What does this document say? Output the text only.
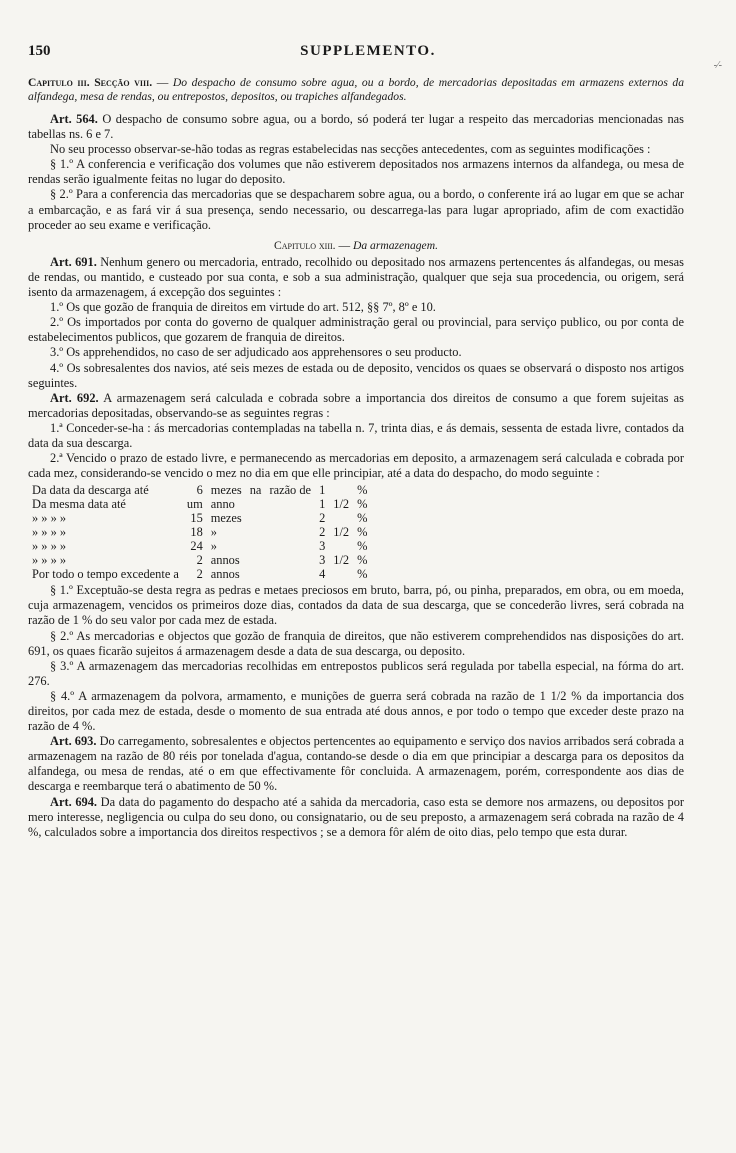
150	SUPPLEMENTO.
-⁄-

Capitulo iii. Secção viii. — Do despacho de consumo sobre agua, ou a bordo, de mercadorias depositadas em armazens externos da alfandega, mesa de rendas, ou entrepostos, depositos, ou trapiches alfandegados.

Art. 564. O despacho de consumo sobre agua, ou a bordo, só poderá ter lugar a respeito das mercadorias mencionadas nas tabellas ns. 6 e 7.

No seu processo observar-se-hão todas as regras estabelecidas nas secções antecedentes, com as seguintes modificações :

§ 1.º A conferencia e verificação dos volumes que não estiverem depositados nos armazens internos da alfandega, ou mesa de rendas serão igualmente feitas no lugar do deposito.

§ 2.º Para a conferencia das mercadorias que se despacharem sobre agua, ou a bordo, o conferente irá ao lugar em que se achar a embarcação, e as fará vir á sua presença, sendo necessario, ou descarrega-las para lugar apropriado, afim de com exactidão proceder ao seu exame e verificação.

Capitulo xiii. — Da armazenagem.

Art. 691. Nenhum genero ou mercadoria, entrado, recolhido ou depositado nos armazens pertencentes ás alfandegas, ou mesas de rendas, ou mantido, e custeado por sua conta, e sob a sua administração, qualquer que seja sua procedencia, ou origem, será isento da armazenagem, á excepção dos seguintes :

1.º Os que gozão de franquia de direitos em virtude do art. 512, §§ 7º, 8º e 10.

2.º Os importados por conta do governo de qualquer administração geral ou provincial, para serviço publico, ou por conta de estabelecimentos publicos, que gozarem de franquia de direitos.

3.º Os apprehendidos, no caso de ser adjudicado aos apprehensores o seu producto.

4.º Os sobresalentes dos navios, até seis mezes de estada ou de deposito, vencidos os quaes se observará o disposto nos artigos seguintes.

Art. 692. A armazenagem será calculada e cobrada sobre a importancia dos direitos de consumo a que forem sujeitas as mercadorias depositadas, observando-se as seguintes regras :

1.ª Conceder-se-ha : ás mercadorias contempladas na tabella n. 7, trinta dias, e ás demais, sessenta de estada livre, contados da data da sua descarga.

2.ª Vencido o prazo de estado livre, e permanecendo as mercadorias em deposito, a armazenagem será calculada e cobrada por cada mez, considerando-se vencido o mez no dia em que elle principiar, até a data do despacho, do modo seguinte :

Da data da descarga até	6	mezes	na	razão de	1		%
Da mesma data até	um	anno			1	1/2	%
» » » »	15	mezes			2		%
» » » »	18	»			2	1/2	%
» » » »	24	»			3		%
» » » »	2	annos			3	1/2	%
Por todo o tempo excedente a	2	annos			4		%

§ 1.º Exceptuão-se desta regra as pedras e metaes preciosos em bruto, barra, pó, ou pinha, preparados, em obra, ou em moeda, cuja armazenagem, vencidos os primeiros doze dias, contados da data de sua descarga, que se concederão livres, será cobrada na razão de 1 % do seu valor por cada mez de estada.

§ 2.º As mercadorias e objectos que gozão de franquia de direitos, que não estiverem comprehendidos nas disposições do art. 691, os quaes ficarão sujeitos á armazenagem desde a data de sua descarga, ou deposito.

§ 3.º A armazenagem das mercadorias recolhidas em entrepostos publicos será regulada por tabella especial, na fórma do art. 276.

§ 4.º A armazenagem da polvora, armamento, e munições de guerra será cobrada na razão de 1 1/2 % da importancia dos direitos, por cada mez de estada, desde o momento de sua entrada até dous annos, e por todo o tempo que exceder deste prazo na razão de 4 %.

Art. 693. Do carregamento, sobresalentes e objectos pertencentes ao equipamento e serviço dos navios arribados será cobrada a armazenagem na razão de 80 réis por tonelada d'agua, contando-se desde o dia em que principiar a descarga para os depositos da alfandega, ou mesa de rendas, até o em que effectivamente fôr concluida. A armazenagem, porém, correspondente aos dias de descarga e reembarque terá o abatimento de 50 %.

Art. 694. Da data do pagamento do despacho até a sahida da mercadoria, caso esta se demore nos armazens, ou depositos por mero interesse, negligencia ou culpa do seu dono, ou consignatario, ou de seu preposto, a armazenagem será cobrada na razão de 4 %, calculados sobre a importancia dos direitos respectivos ; se a demora fôr além de oito dias, pelo tempo que esta durar.
